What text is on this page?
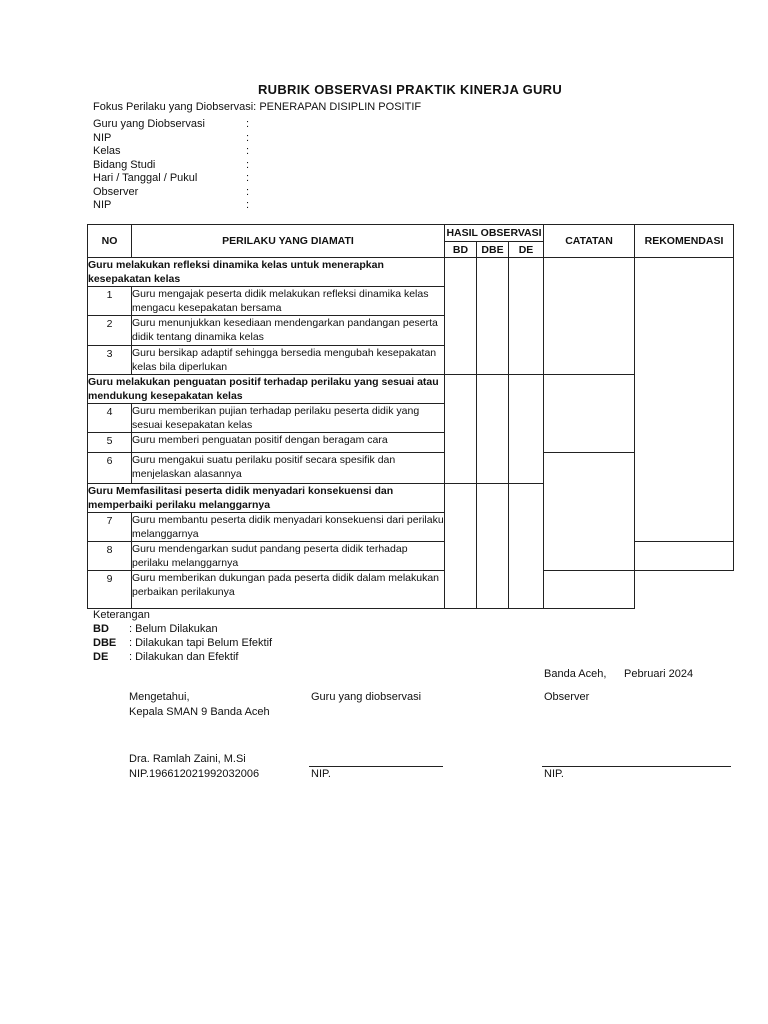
RUBRIK OBSERVASI PRAKTIK KINERJA GURU
Fokus Perilaku yang Diobservasi: PENERAPAN DISIPLIN POSITIF
Guru yang Diobservasi	:
NIP	:
Kelas	:
Bidang Studi	:
Hari / Tanggal / Pukul	:
Observer	:
NIP	:
NO	PERILAKU YANG DIAMATI	HASIL OBSERVASI			CATATAN	REKOMENDASI	
		BD	DBE	DE			
Guru melakukan refleksi dinamika kelas untuk menerapkan kesepakatan kelas							
1	Guru mengajak peserta didik melakukan refleksi dinamika kelas mengacu kesepakatan bersama						
2	Guru menunjukkan kesediaan mendengarkan pandangan peserta didik tentang dinamika kelas						
3	Guru bersikap adaptif sehingga bersedia mengubah kesepakatan kelas bila diperlukan						
Guru melakukan penguatan positif terhadap perilaku yang sesuai atau mendukung kesepakatan kelas							
4	Guru memberikan pujian terhadap perilaku peserta didik yang sesuai kesepakatan kelas						
5	Guru memberi penguatan positif dengan beragam cara						
6	Guru mengakui suatu perilaku positif secara spesifik dan menjelaskan alasannya						
Guru Memfasilitasi peserta didik menyadari konsekuensi dan memperbaiki perilaku melanggarnya							
7	Guru membantu peserta didik menyadari konsekuensi dari perilaku melanggarnya						
8	Guru mendengarkan sudut pandang peserta didik terhadap perilaku melanggarnya						
9	Guru memberikan dukungan pada peserta didik dalam melakukan perbaikan perilakunya						
Keterangan
BD : Belum Dilakukan
DBE : Dilakukan tapi Belum Efektif
DE : Dilakukan dan Efektif
Banda Aceh, Pebruari 2024
Mengetahui,
Kepala SMAN 9 Banda Aceh
Guru yang diobservasi	Observer
Dra. Ramlah Zaini, M.Si
NIP.196612021992032006	NIP.	NIP.
